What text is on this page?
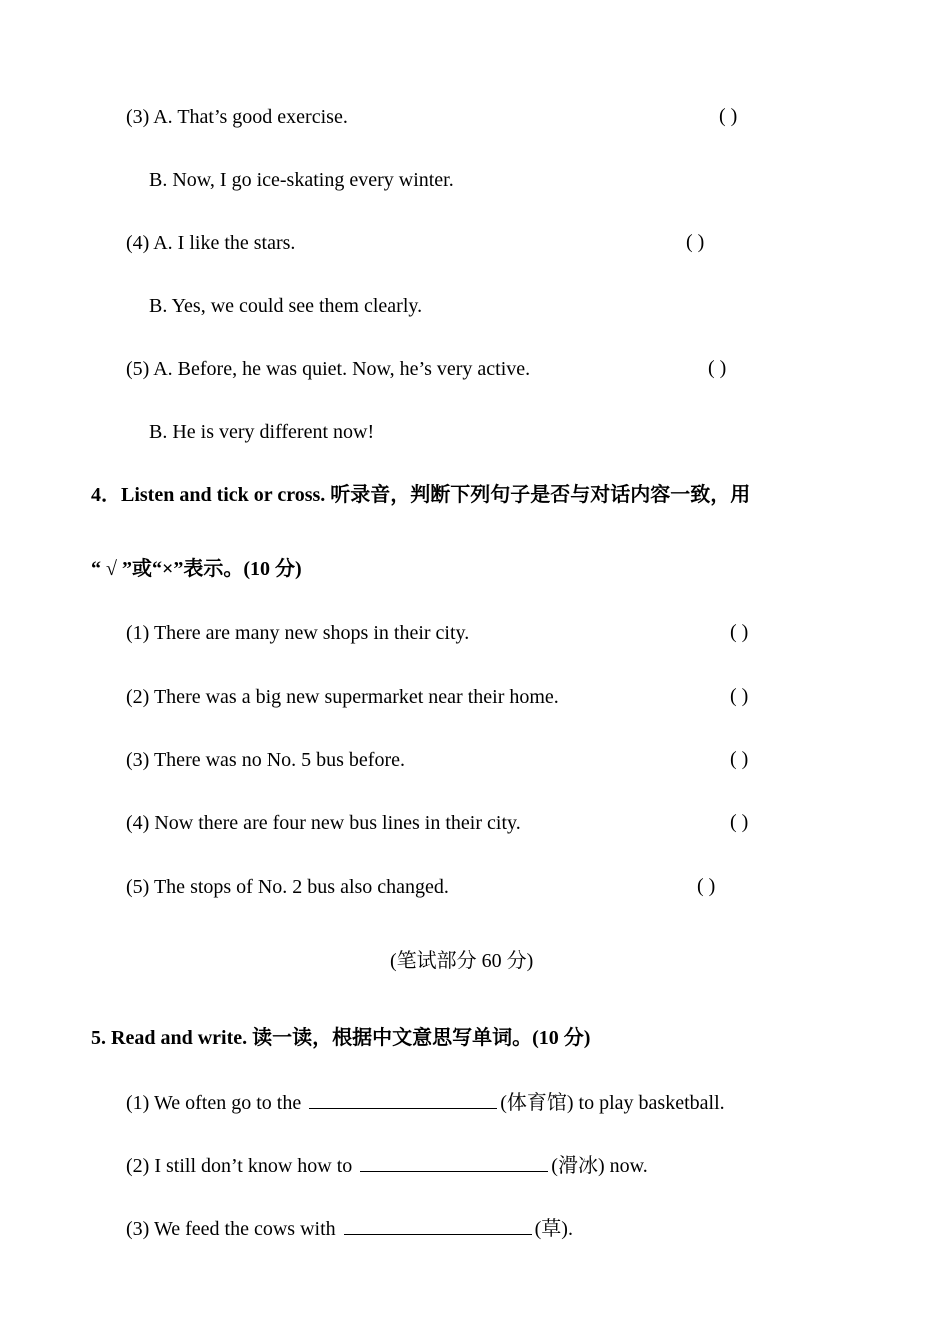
(3) A. That’s good exercise.	( )
B. Now, I go ice-skating every winter.
(4) A. I like the stars.	( )
B. Yes, we could see them clearly.
(5) A. Before, he was quiet. Now, he’s very active.	( )
B. He is very different now!
4．Listen and tick or cross. 听录音，判断下列句子是否与对话内容一致，用
“ √ ”或“×”表示。(10 分)
(1) There are many new shops in their city.	( )
(2) There was a big new supermarket near their home.	( )
(3) There was no No. 5 bus before.	( )
(4) Now there are four new bus lines in their city.	( )
(5) The stops of No. 2 bus also changed.	( )
(笔试部分 60 分)
5. Read and write. 读一读，根据中文意思写单词。(10 分)
(1) We often go to the	(体育馆) to play basketball.
(2) I still don’t know how to	(滑冰) now.
(3) We feed the cows with	(草).
